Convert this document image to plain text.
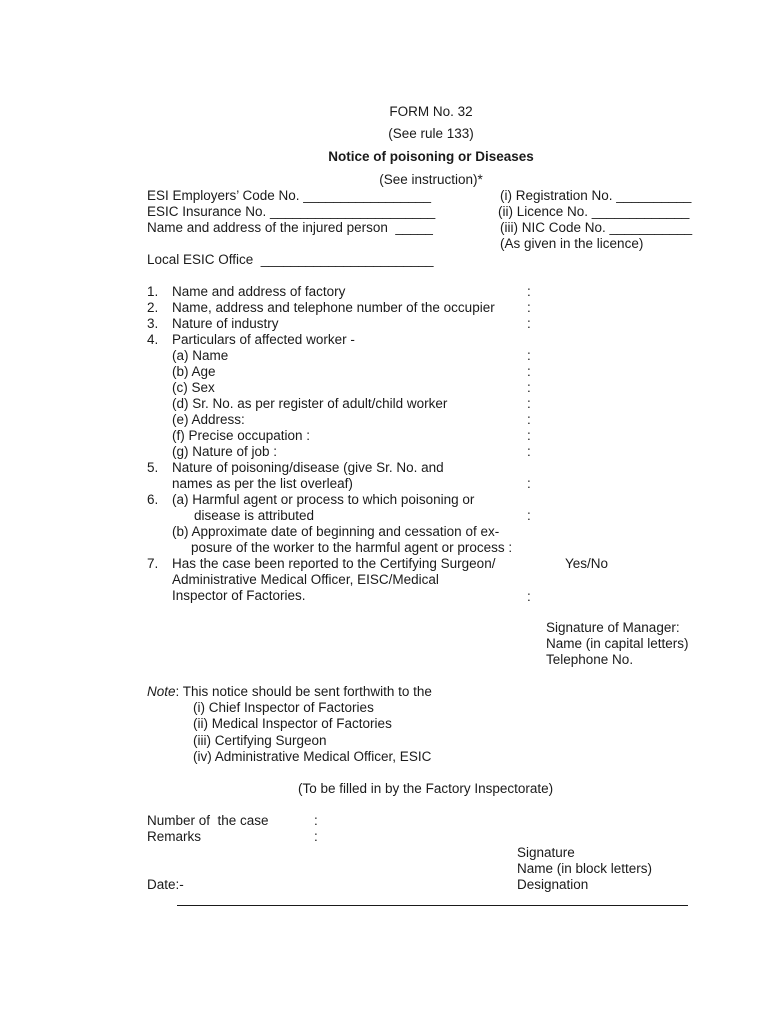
FORM No. 32
(See rule 133)
Notice of poisoning or Diseases
(See instruction)*
ESI Employers’ Code No. _________________
ESIC Insurance No. ______________________
Name and address of the injured person  _____
Local ESIC Office  _______________________
(i) Registration No. __________
(ii) Licence No. _____________
(iii) NIC Code No. ___________
(As given in the licence)
1.	Name and address of factory	:
2.	Name, address and telephone number of the occupier :
3.	Nature of industry	:
4.	Particulars of affected worker -
(a) Name	:
(b) Age	:
(c) Sex	:
(d) Sr. No. as per register of adult/child worker	:
(e) Address:	:
(f) Precise occupation :	:
(g) Nature of job :	:
5.	Nature of poisoning/disease (give Sr. No. and
names as per the list overleaf)	:
6.	(a) Harmful agent or process to which poisoning or
disease is attributed	:
(b) Approximate date of beginning and cessation of ex-
posure of the worker to the harmful agent or process :
7.	Has the case been reported to the Certifying Surgeon/	Yes/No
Administrative Medical Officer, EISC/Medical
Inspector of Factories.	:
Signature of Manager:
Name (in capital letters)
Telephone No.
Note: This notice should be sent forthwith to the
(i) Chief Inspector of Factories
(ii) Medical Inspector of Factories
(iii) Certifying Surgeon
(iv) Administrative Medical Officer, ESIC
(To be filled in by the Factory Inspectorate)
Number of  the case	:
Remarks	:
Signature
Name (in block letters)
Date:-	Designation
